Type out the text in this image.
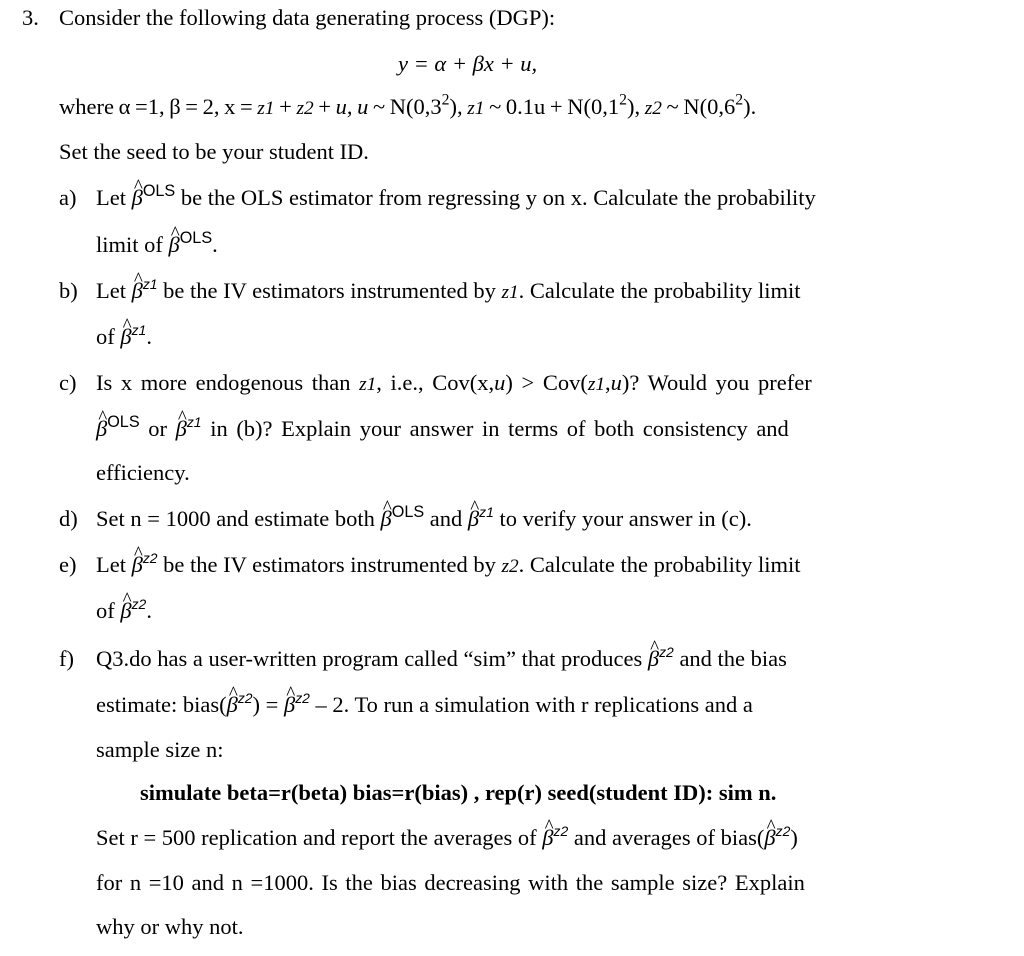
3. Consider the following data generating process (DGP):
y = α + βx + u,
where α =1, β = 2, x = z1 + z2 + u, u ~ $N(0,3^2)$, z1 ~ $0.1u + N(0,1^2)$, z2 ~ $N(0,6^2)$.
Set the seed to be your student ID.
a) Let ^ $\beta^{OLS}$ be the OLS estimator from regressing y on x. Calculate the probability
limit of ^ $\beta^{OLS}$.
b) Let ^ $\beta^{z1}$ be the IV estimators instrumented by z1. Calculate the probability limit
of ^ $\beta^{z1}$.
c) Is x more endogenous than z1, i.e., Cov(x,u) > Cov(z1,u)? Would you prefer
^ $\beta^{OLS}$ or ^ $\beta^{z1}$ in (b)? Explain your answer in terms of both consistency and
efficiency.
d) Set n = 1000 and estimate both ^ $\beta^{OLS}$ and ^ $\beta^{z1}$ to verify your answer in (c).
e) Let ^ $\beta^{z2}$ be the IV estimators instrumented by z2. Calculate the probability limit
of ^ $\beta^{z2}$.
f) Q3.do has a user-written program called “sim” that produces ^ $\beta^{z2}$ and the bias
estimate: bias(^ $\beta^{z2}$) = ^ $\beta^{z2} - 2$. To run a simulation with r replications and a
sample size n:
simulate beta=r(beta) bias=r(bias) , rep(r) seed(student ID): sim n.
Set r = 500 replication and report the averages of ^ $\beta^{z2}$ and averages of bias(^ $\beta^{z2}$)
for n =10 and n =1000. Is the bias decreasing with the sample size? Explain
why or why not.
